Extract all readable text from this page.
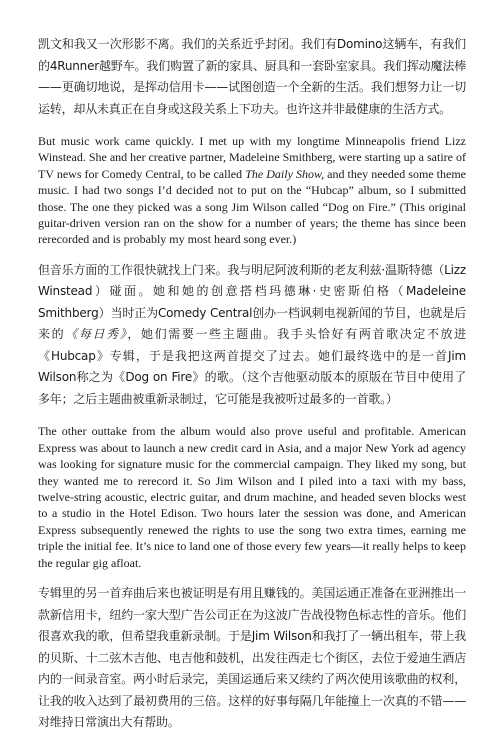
凯文和我又一次形影不离。我们的关系近乎封闭。我们有Domino这辆车，有我们的4Runner越野车。我们购置了新的家具、厨具和一套卧室家具。我们挥动魔法棒——更确切地说，是挥动信用卡——试图创造一个全新的生活。我们想努力让一切运转，却从未真正在自身或这段关系上下功夫。也许这并非最健康的生活方式。

But music work came quickly. I met up with my longtime Minneapolis friend Lizz Winstead. She and her creative partner, Madeleine Smithberg, were starting up a satire of TV news for Comedy Central, to be called The Daily Show, and they needed some theme music. I had two songs I’d decided not to put on the “Hubcap” album, so I submitted those. The one they picked was a song Jim Wilson called “Dog on Fire.” (This original guitar-driven version ran on the show for a number of years; the theme has since been rerecorded and is probably my most heard song ever.)

但音乐方面的工作很快就找上门来。我与明尼阿波利斯的老友利兹·温斯特德（Lizz Winstead）碰面。她和她的创意搭档玛德琳·史密斯伯格（Madeleine Smithberg）当时正为Comedy Central创办一档讽刺电视新闻的节目，也就是后来的《每日秀》，她们需要一些主题曲。我手头恰好有两首歌决定不放进《Hubcap》专辑，于是我把这两首提交了过去。她们最终选中的是一首Jim Wilson称之为《Dog on Fire》的歌。（这个吉他驱动版本的原版在节目中使用了多年；之后主题曲被重新录制过，它可能是我被听过最多的一首歌。）

The other outtake from the album would also prove useful and profitable. American Express was about to launch a new credit card in Asia, and a major New York ad agency was looking for signature music for the commercial campaign. They liked my song, but they wanted me to rerecord it. So Jim Wilson and I piled into a taxi with my bass, twelve-string acoustic, electric guitar, and drum machine, and headed seven blocks west to a studio in the Hotel Edison. Two hours later the session was done, and American Express subsequently renewed the rights to use the song two extra times, earning me triple the initial fee. It’s nice to land one of those every few years—it really helps to keep the regular gig afloat.

专辑里的另一首弃曲后来也被证明是有用且赚钱的。美国运通正准备在亚洲推出一款新信用卡，纽约一家大型广告公司正在为这波广告战役物色标志性的音乐。他们很喜欢我的歌，但希望我重新录制。于是Jim Wilson和我打了一辆出租车，带上我的贝斯、十二弦木吉他、电吉他和鼓机，出发往西走七个街区，去位于爱迪生酒店内的一间录音室。两小时后录完，美国运通后来又续约了两次使用该歌曲的权利，让我的收入达到了最初费用的三倍。这样的好事每隔几年能撞上一次真的不错——对维持日常演出大有帮助。
